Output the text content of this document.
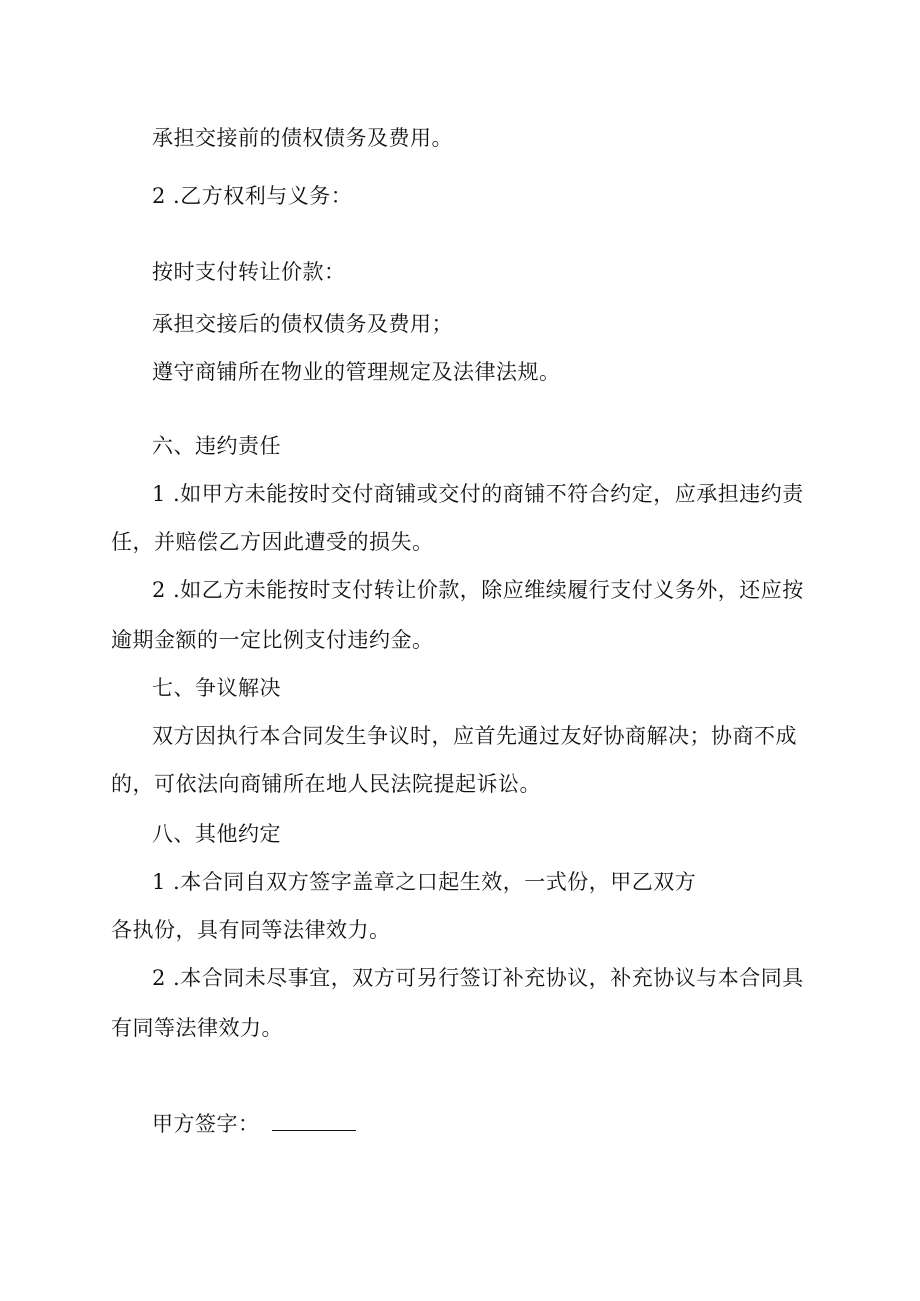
承担交接前的债权债务及费用。
2 .乙方权利与义务：
按时支付转让价款：
承担交接后的债权债务及费用；
遵守商铺所在物业的管理规定及法律法规。
六、违约责任
1 .如甲方未能按时交付商铺或交付的商铺不符合约定，应承担违约责
任，并赔偿乙方因此遭受的损失。
2 .如乙方未能按时支付转让价款，除应维续履行支付义务外，还应按
逾期金额的一定比例支付违约金。
七、争议解决
双方因执行本合同发生争议时，应首先通过友好协商解决；协商不成
的，可依法向商铺所在地人民法院提起诉讼。
八、其他约定
1 .本合同自双方签字盖章之口起生效，一式份，甲乙双方
各执份，具有同等法律效力。
2 .本合同未尽事宜，双方可另行签订补充协议，补充协议与本合同具
有同等法律效力。
甲方签字：
